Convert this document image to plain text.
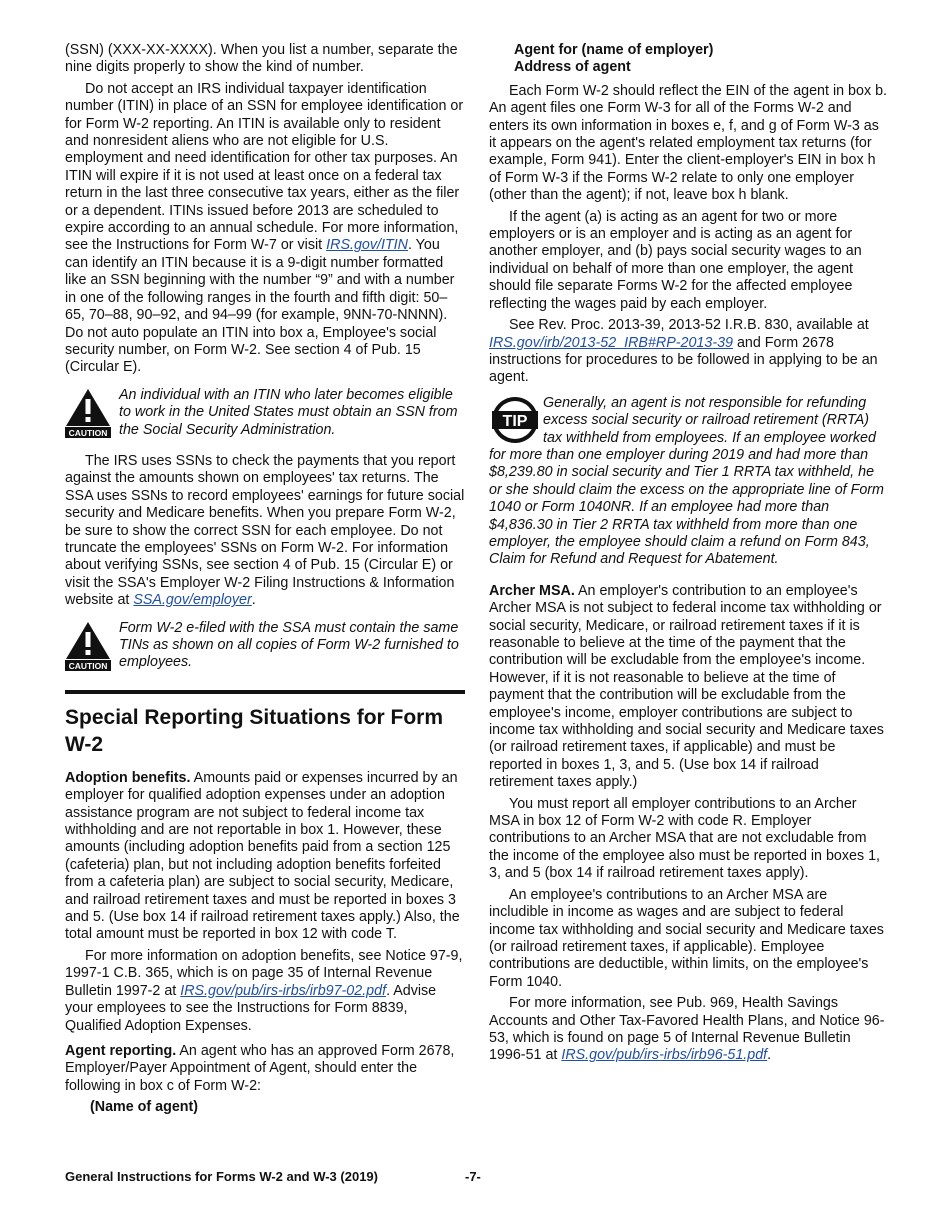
(SSN) (XXX-XX-XXXX). When you list a number, separate the nine digits properly to show the kind of number.

Do not accept an IRS individual taxpayer identification number (ITIN) in place of an SSN for employee identification or for Form W-2 reporting. An ITIN is available only to resident and nonresident aliens who are not eligible for U.S. employment and need identification for other tax purposes. An ITIN will expire if it is not used at least once on a federal tax return in the last three consecutive tax years, either as the filer or a dependent. ITINs issued before 2013 are scheduled to expire according to an annual schedule. For more information, see the Instructions for Form W-7 or visit IRS.gov/ITIN. You can identify an ITIN because it is a 9-digit number formatted like an SSN beginning with the number “9” and with a number in one of the following ranges in the fourth and fifth digit: 50–65, 70–88, 90–92, and 94–99 (for example, 9NN-70-NNNN). Do not auto populate an ITIN into box a, Employee's social security number, on Form W-2. See section 4 of Pub. 15 (Circular E).

CAUTION
An individual with an ITIN who later becomes eligible to work in the United States must obtain an SSN from the Social Security Administration.

The IRS uses SSNs to check the payments that you report against the amounts shown on employees' tax returns. The SSA uses SSNs to record employees' earnings for future social security and Medicare benefits. When you prepare Form W-2, be sure to show the correct SSN for each employee. Do not truncate the employees' SSNs on Form W-2. For information about verifying SSNs, see section 4 of Pub. 15 (Circular E) or visit the SSA's Employer W-2 Filing Instructions & Information website at SSA.gov/employer.

CAUTION
Form W-2 e-filed with the SSA must contain the same TINs as shown on all copies of Form W-2 furnished to employees.
Special Reporting Situations for Form W-2

Adoption benefits. Amounts paid or expenses incurred by an employer for qualified adoption expenses under an adoption assistance program are not subject to federal income tax withholding and are not reportable in box 1. However, these amounts (including adoption benefits paid from a section 125 (cafeteria) plan, but not including adoption benefits forfeited from a cafeteria plan) are subject to social security, Medicare, and railroad retirement taxes and must be reported in boxes 3 and 5. (Use box 14 if railroad retirement taxes apply.) Also, the total amount must be reported in box 12 with code T.

For more information on adoption benefits, see Notice 97-9, 1997-1 C.B. 365, which is on page 35 of Internal Revenue Bulletin 1997-2 at IRS.gov/pub/irs-irbs/irb97-02.pdf. Advise your employees to see the Instructions for Form 8839, Qualified Adoption Expenses.

Agent reporting. An agent who has an approved Form 2678, Employer/Payer Appointment of Agent, should enter the following in box c of Form W-2:

(Name of agent)

Agent for (name of employer)

Address of agent

Each Form W-2 should reflect the EIN of the agent in box b. An agent files one Form W-3 for all of the Forms W-2 and enters its own information in boxes e, f, and g of Form W-3 as it appears on the agent's related employment tax returns (for example, Form 941). Enter the client-employer's EIN in box h of Form W-3 if the Forms W-2 relate to only one employer (other than the agent); if not, leave box h blank.

If the agent (a) is acting as an agent for two or more employers or is an employer and is acting as an agent for another employer, and (b) pays social security wages to an individual on behalf of more than one employer, the agent should file separate Forms W-2 for the affected employee reflecting the wages paid by each employer.

See Rev. Proc. 2013-39, 2013-52 I.R.B. 830, available at IRS.gov/irb/2013-52_IRB#RP-2013-39 and Form 2678 instructions for procedures to be followed in applying to be an agent.

TIP
Generally, an agent is not responsible for refunding excess social security or railroad retirement (RRTA) tax withheld from employees. If an employee worked for more than one employer during 2019 and had more than $8,239.80 in social security and Tier 1 RRTA tax withheld, he or she should claim the excess on the appropriate line of Form 1040 or Form 1040NR. If an employee had more than $4,836.30 in Tier 2 RRTA tax withheld from more than one employer, the employee should claim a refund on Form 843, Claim for Refund and Request for Abatement.

Archer MSA. An employer's contribution to an employee's Archer MSA is not subject to federal income tax withholding or social security, Medicare, or railroad retirement taxes if it is reasonable to believe at the time of the payment that the contribution will be excludable from the employee's income. However, if it is not reasonable to believe at the time of payment that the contribution will be excludable from the employee's income, employer contributions are subject to income tax withholding and social security and Medicare taxes (or railroad retirement taxes, if applicable) and must be reported in boxes 1, 3, and 5. (Use box 14 if railroad retirement taxes apply.)

You must report all employer contributions to an Archer MSA in box 12 of Form W-2 with code R. Employer contributions to an Archer MSA that are not excludable from the income of the employee also must be reported in boxes 1, 3, and 5 (box 14 if railroad retirement taxes apply).

An employee's contributions to an Archer MSA are includible in income as wages and are subject to federal income tax withholding and social security and Medicare taxes (or railroad retirement taxes, if applicable). Employee contributions are deductible, within limits, on the employee's Form 1040.

For more information, see Pub. 969, Health Savings Accounts and Other Tax-Favored Health Plans, and Notice 96-53, which is found on page 5 of Internal Revenue Bulletin 1996-51 at IRS.gov/pub/irs-irbs/irb96-51.pdf.

General Instructions for Forms W-2 and W-3 (2019)	-7-
